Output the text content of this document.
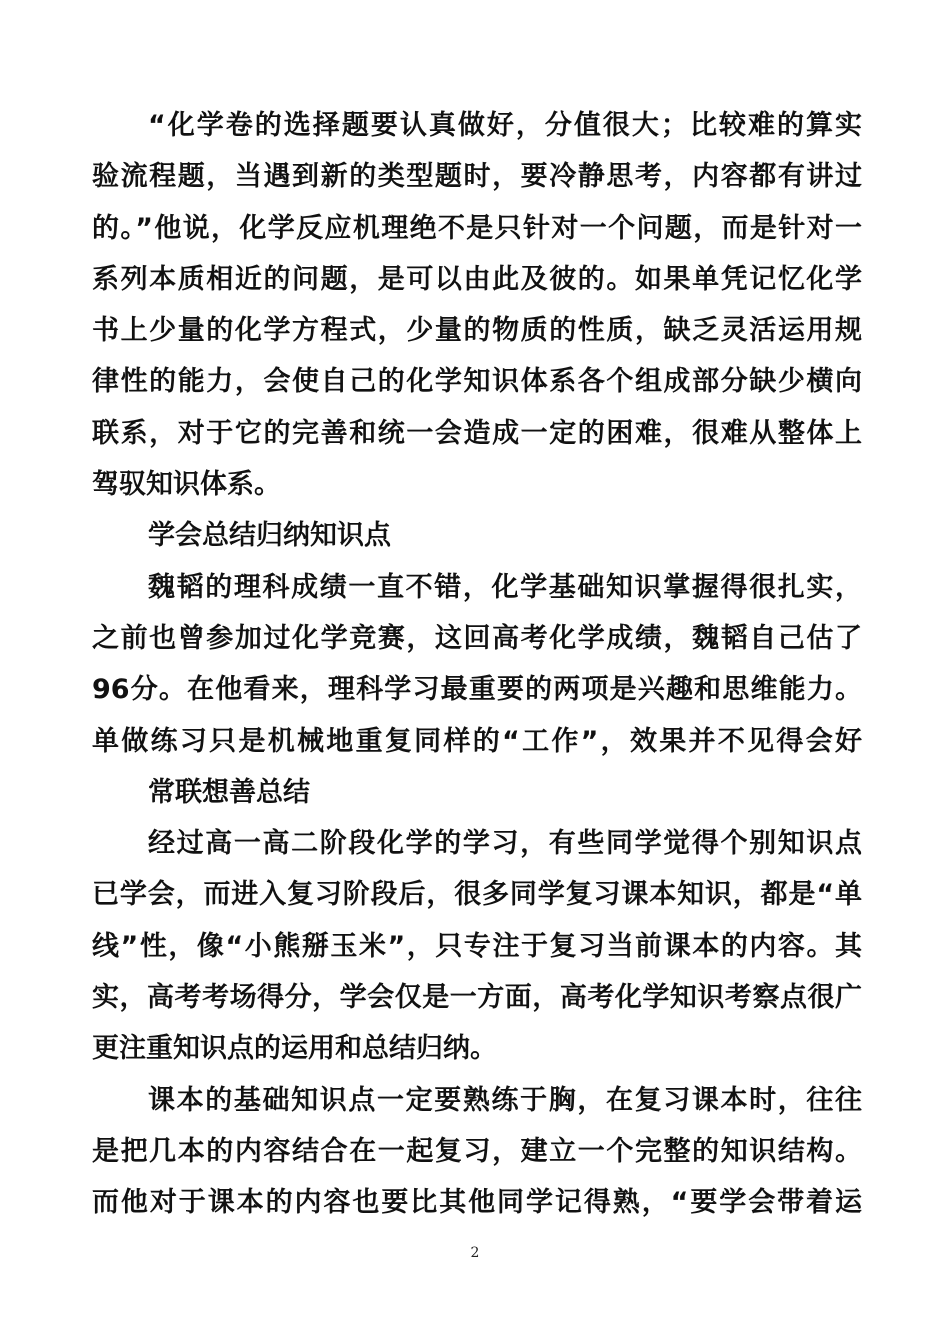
“化学卷的选择题要认真做好，分值很大；比较难的算实
验流程题，当遇到新的类型题时，要冷静思考，内容都有讲过
的。”他说，化学反应机理绝不是只针对一个问题，而是针对一
系列本质相近的问题，是可以由此及彼的。如果单凭记忆化学
书上少量的化学方程式，少量的物质的性质，缺乏灵活运用规
律性的能力，会使自己的化学知识体系各个组成部分缺少横向
联系，对于它的完善和统一会造成一定的困难，很难从整体上
驾驭知识体系。
学会总结归纳知识点
魏韬的理科成绩一直不错，化学基础知识掌握得很扎实，
之前也曾参加过化学竞赛，这回高考化学成绩，魏韬自己估了
96分。在他看来，理科学习最重要的两项是兴趣和思维能力。
单做练习只是机械地重复同样的“工作”，效果并不见得会好
常联想善总结
经过高一高二阶段化学的学习，有些同学觉得个别知识点
已学会，而进入复习阶段后，很多同学复习课本知识，都是“单
线”性，像“小熊掰玉米”，只专注于复习当前课本的内容。其
实，高考考场得分，学会仅是一方面，高考化学知识考察点很广
更注重知识点的运用和总结归纳。
课本的基础知识点一定要熟练于胸，在复习课本时，往往
是把几本的内容结合在一起复习，建立一个完整的知识结构。
而他对于课本的内容也要比其他同学记得熟，“要学会带着运
2
